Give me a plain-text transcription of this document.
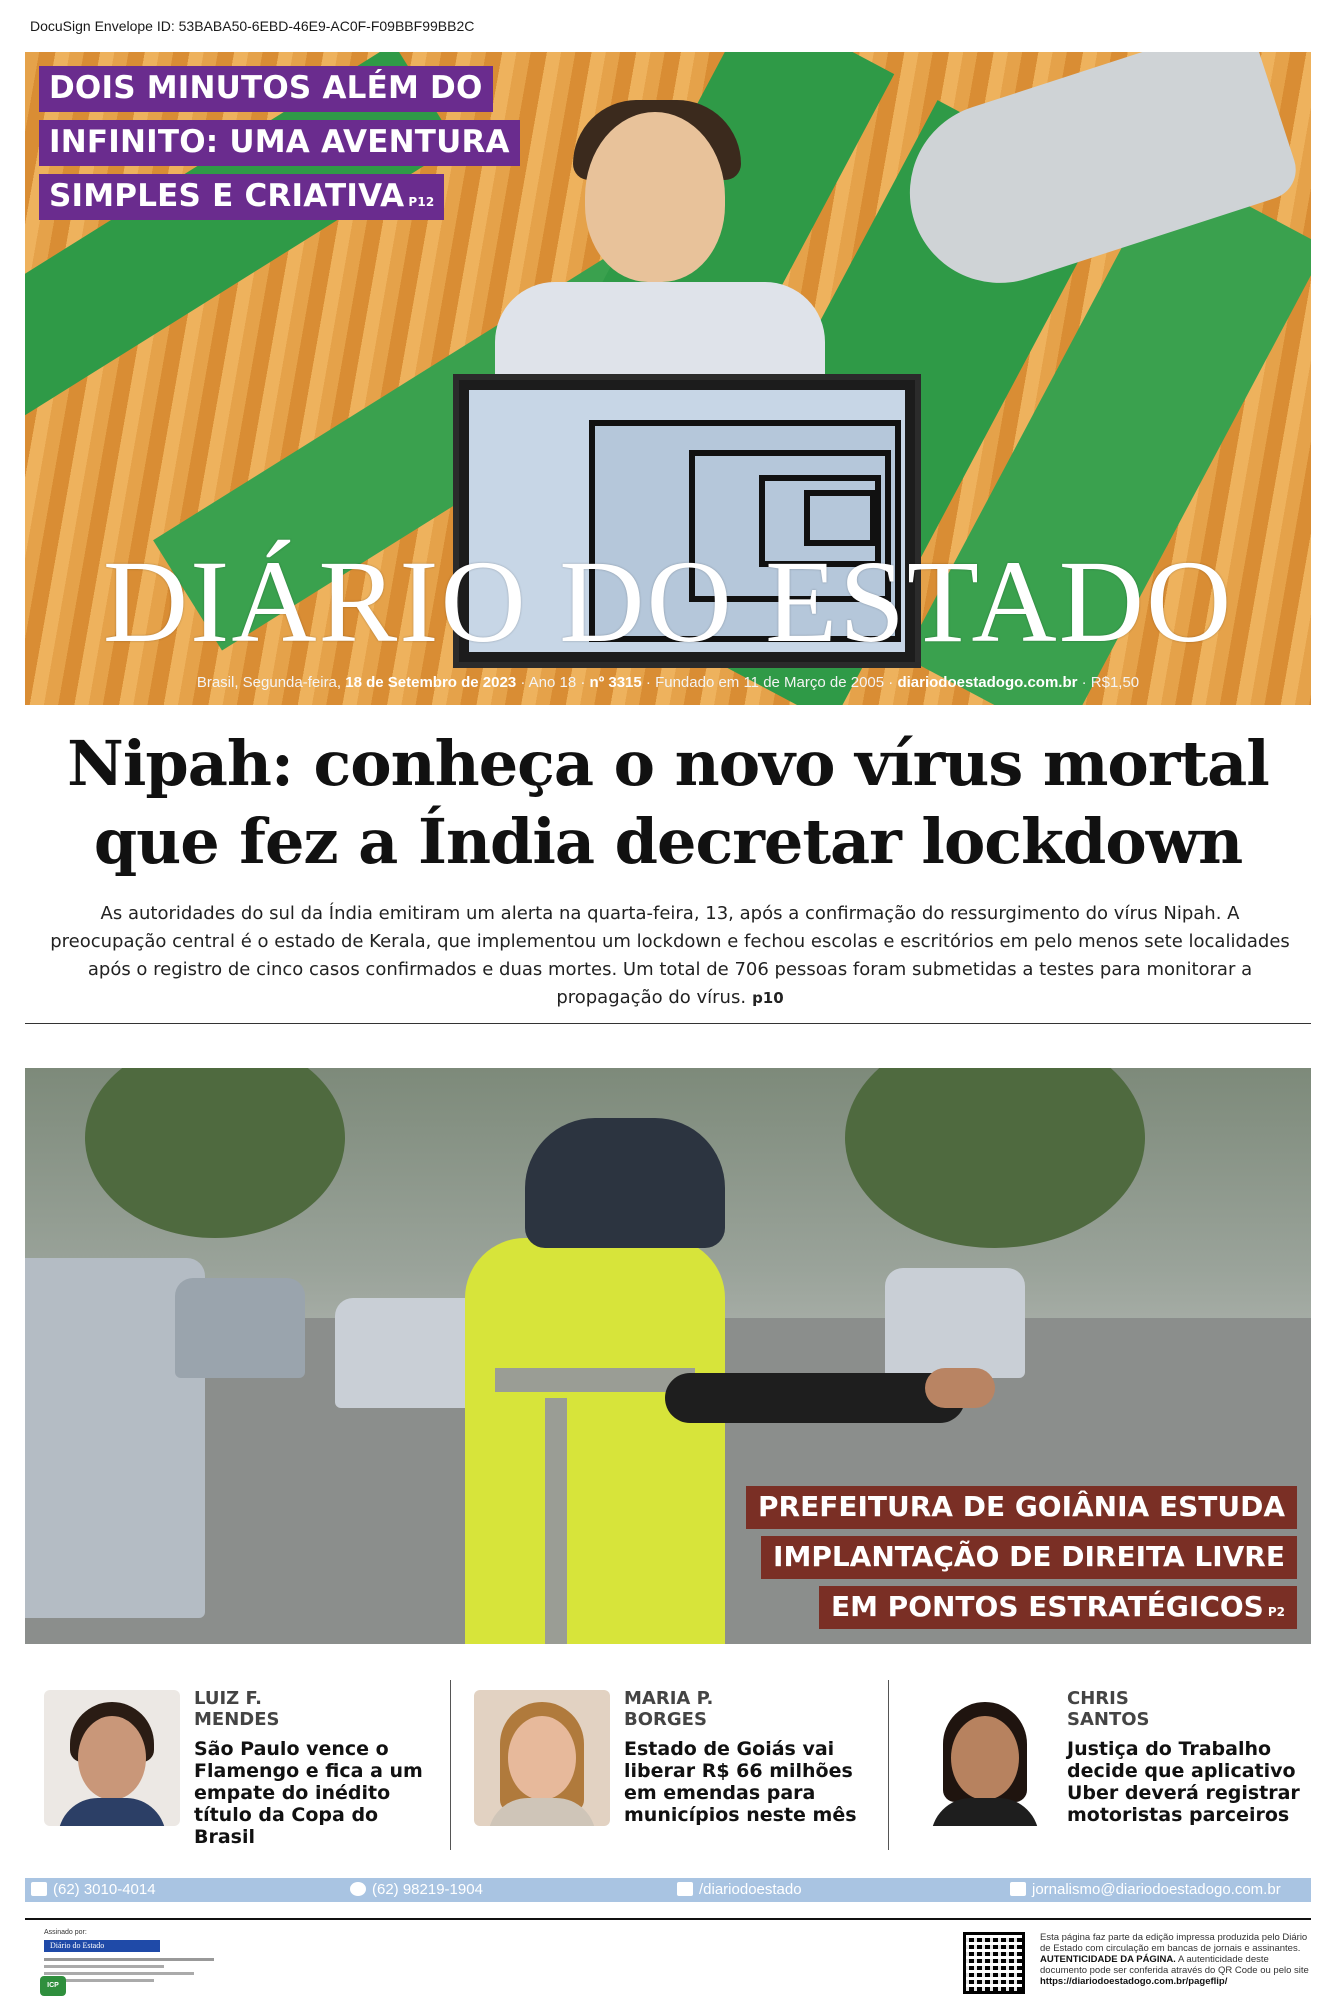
DocuSign Envelope ID: 53BABA50-6EBD-46E9-AC0F-F09BBF99BB2C
DOIS MINUTOS ALÉM DO
INFINITO: UMA AVENTURA
SIMPLES E CRIATIVA P12
DIÁRIO DO ESTADO
Brasil, Segunda-feira, 18 de Setembro de 2023 · Ano 18 · nº 3315 · Fundado em 11 de Março de 2005 · diariodoestadogo.com.br · R$1,50
Nipah: conheça o novo vírus mortal
que fez a Índia decretar lockdown
As autoridades do sul da Índia emitiram um alerta na quarta-feira, 13, após a confirmação do ressurgimento do vírus Nipah. A preocupação central é o estado de Kerala, que implementou um lockdown e fechou escolas e escritórios em pelo menos sete localidades após o registro de cinco casos confirmados e duas mortes. Um total de 706 pessoas foram submetidas a testes para monitorar a propagação do vírus. p10
PREFEITURA DE GOIÂNIA ESTUDA
IMPLANTAÇÃO DE DIREITA LIVRE
EM PONTOS ESTRATÉGICOS P2
LUIZ F.
MENDES
São Paulo vence o Flamengo e fica a um empate do inédito título da Copa do Brasil
MARIA P.
BORGES
Estado de Goiás vai liberar R$ 66 milhões em emendas para municípios neste mês
CHRIS
SANTOS
Justiça do Trabalho decide que aplicativo Uber deverá registrar motoristas parceiros
(62) 3010-4014	(62) 98219-1904	/diariodoestado	jornalismo@diariodoestadogo.com.br
Assinado por:
Diário do Estado
ICP
Esta página faz parte da edição impressa produzida pelo Diário de Estado com circulação em bancas de jornais e assinantes. AUTENTICIDADE DA PÁGINA. A autenticidade deste documento pode ser conferida através do QR Code ou pelo site https://diariodoestadogo.com.br/pageflip/
